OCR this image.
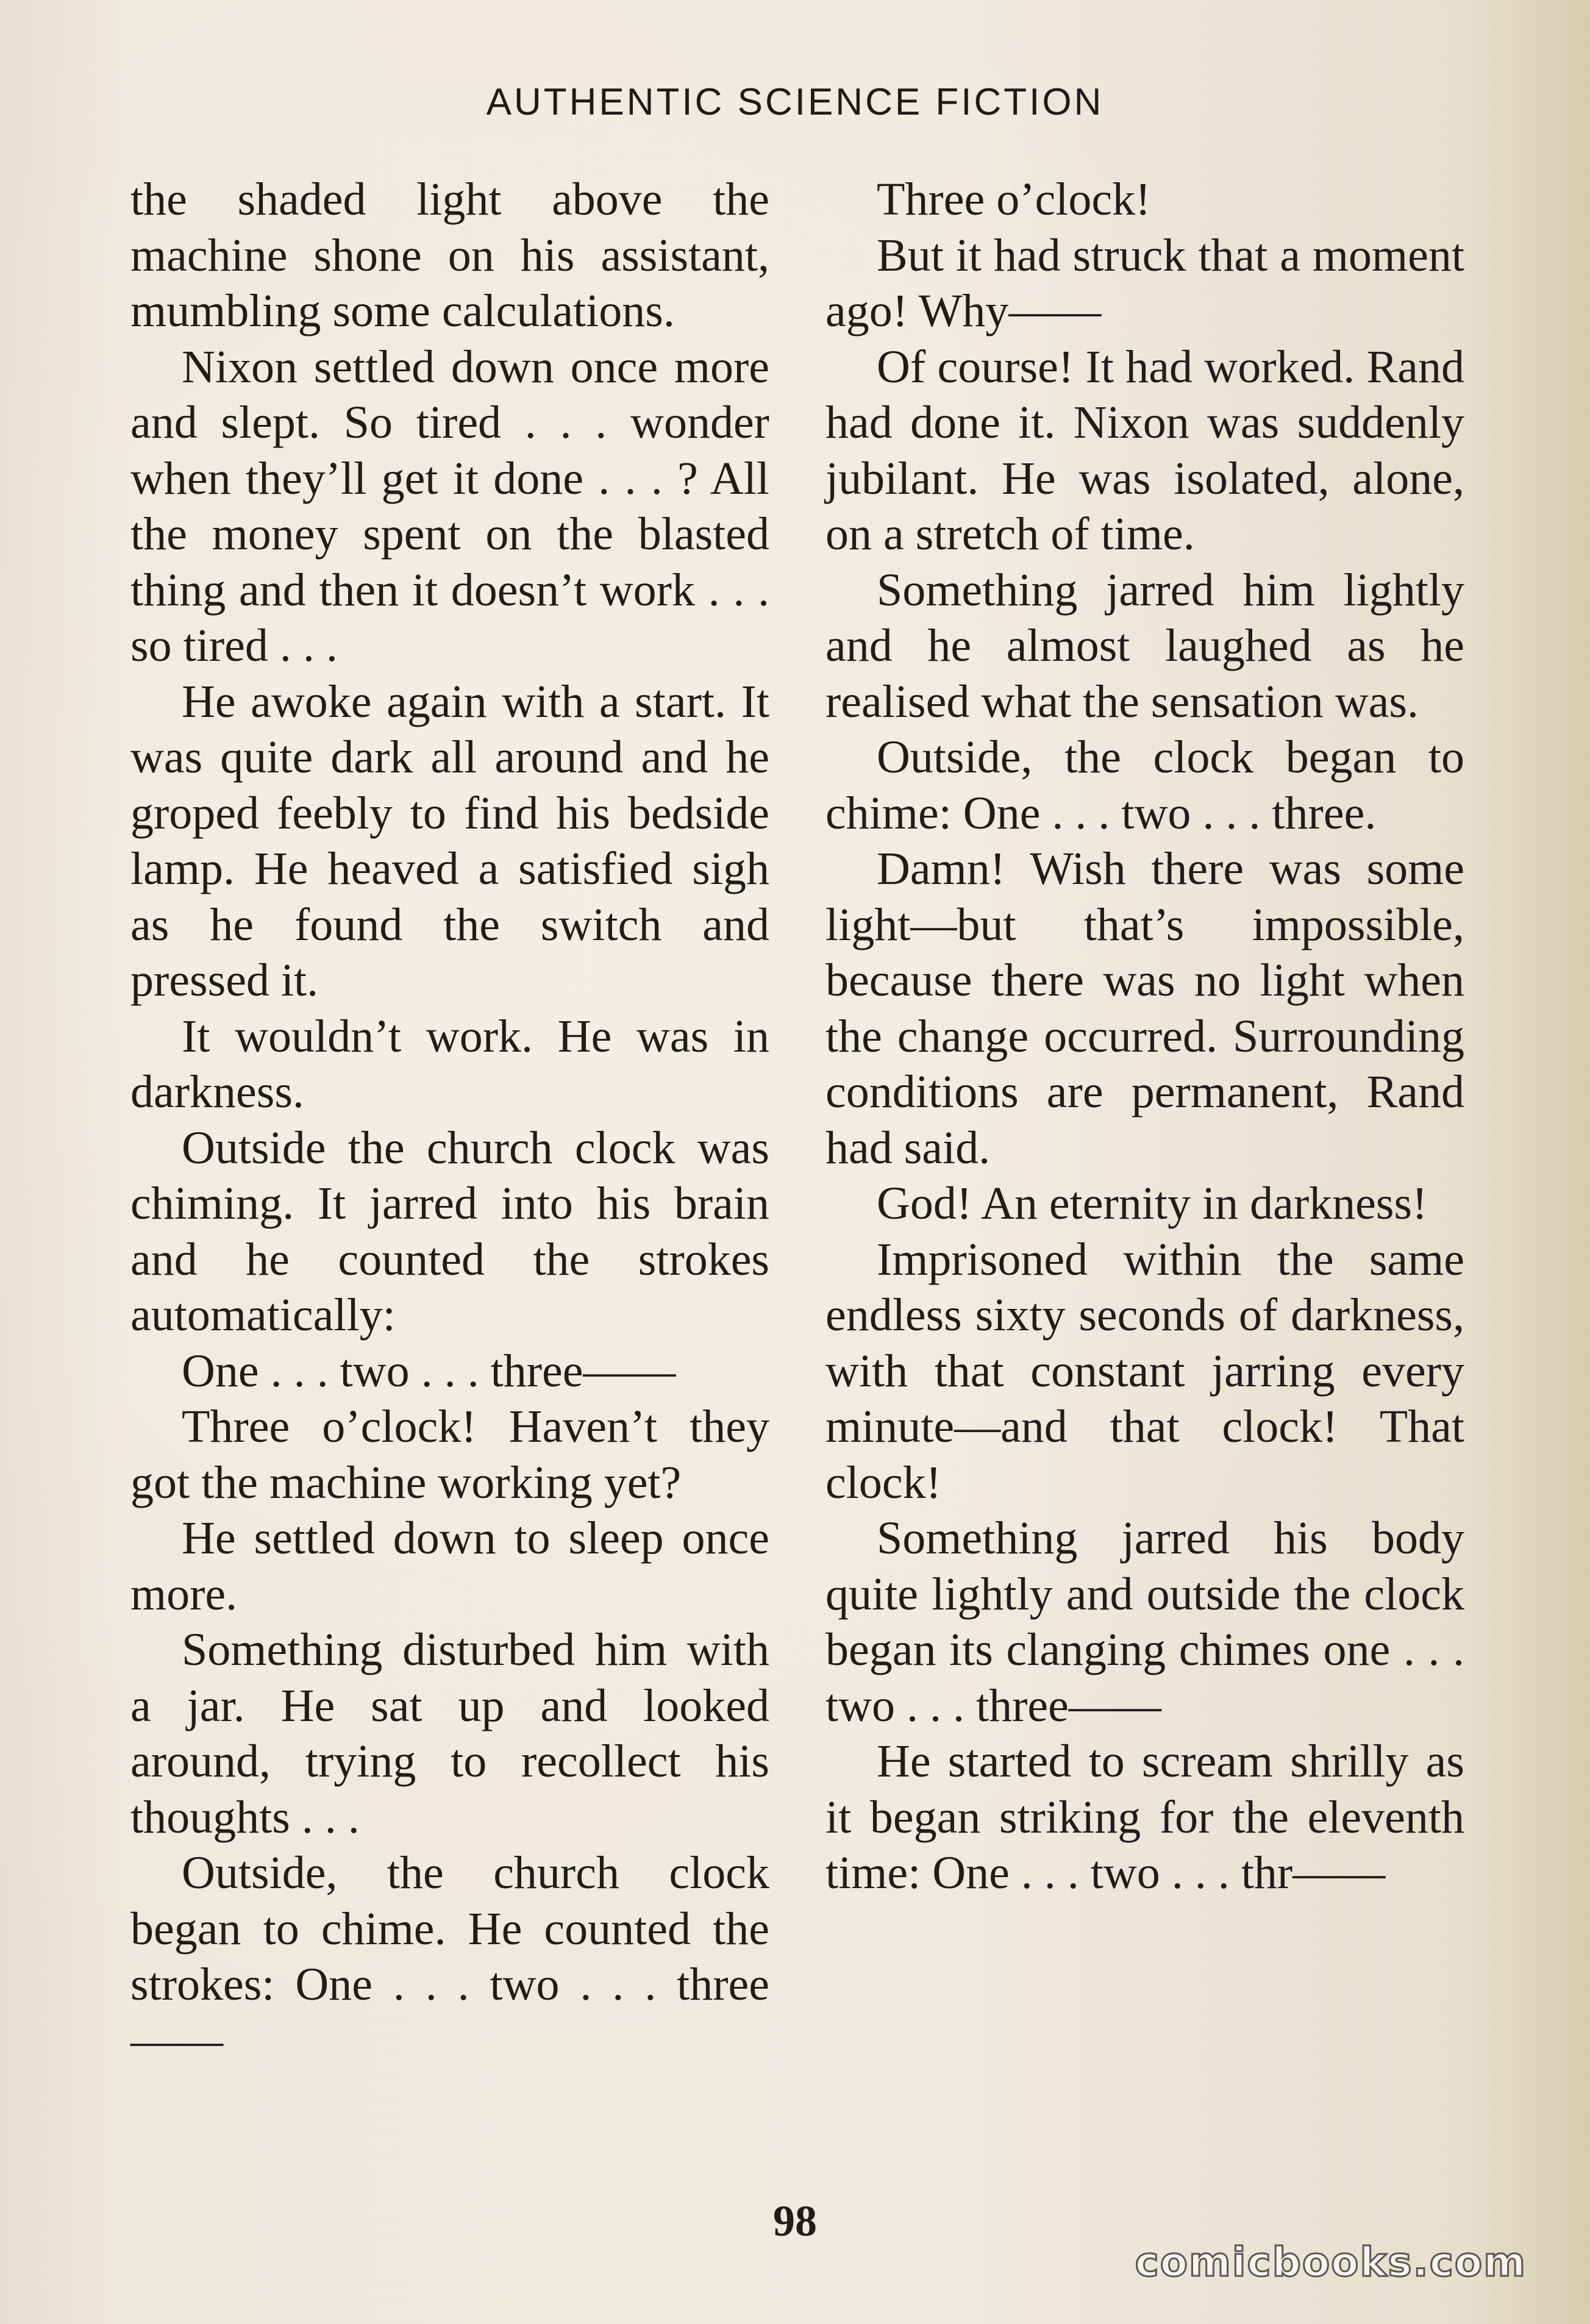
AUTHENTIC SCIENCE FICTION

the shaded light above the machine shone on his assistant, mumbling some calculations.

Nixon settled down once more and slept. So tired . . . wonder when they’ll get it done . . . ? All the money spent on the blasted thing and then it doesn’t work . . . so tired . . .

He awoke again with a start. It was quite dark all around and he groped feebly to find his bedside lamp. He heaved a satisfied sigh as he found the switch and pressed it.

It wouldn’t work. He was in darkness.

Outside the church clock was chiming. It jarred into his brain and he counted the strokes automatically:

One . . . two . . . three——

Three o’clock! Haven’t they got the machine working yet?

He settled down to sleep once more.

Something disturbed him with a jar. He sat up and looked around, trying to recollect his thoughts . . .

Outside, the church clock began to chime. He counted the strokes: One . . . two . . . three——

Three o’clock!

But it had struck that a moment ago! Why——

Of course! It had worked. Rand had done it. Nixon was suddenly jubilant. He was isolated, alone, on a stretch of time.

Something jarred him lightly and he almost laughed as he realised what the sensation was.

Outside, the clock began to chime: One . . . two . . . three.

Damn! Wish there was some light—but that’s impossible, because there was no light when the change occurred. Surrounding conditions are permanent, Rand had said.

God! An eternity in darkness!

Imprisoned within the same endless sixty seconds of darkness, with that constant jarring every minute—and that clock! That clock!

Something jarred his body quite lightly and outside the clock began its clanging chimes one . . . two . . . three——

He started to scream shrilly as it began striking for the eleventh time: One . . . two . . . thr——

98
comicbooks.com
